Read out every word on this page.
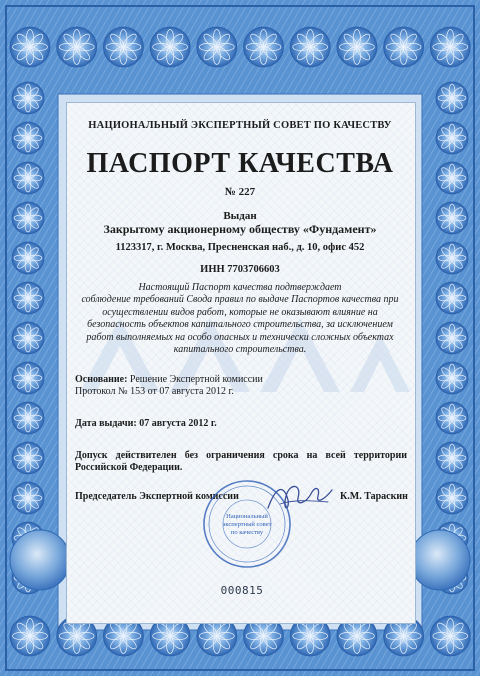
НАЦИОНАЛЬНЫЙ ЭКСПЕРТНЫЙ СОВЕТ ПО КАЧЕСТВУ
ПАСПОРТ КАЧЕСТВА
№ 227
Выдан
Закрытому акционерному обществу «Фундамент»
1123317, г. Москва, Пресненская наб., д. 10, офис 452
ИНН 7703706603
Настоящий Паспорт качества подтверждает
соблюдение требований Свода правил по выдаче Паспортов качества при
осуществлении видов работ, которые не оказывают влияние на
безопасность объектов капитального строительства, за исключением
работ выполняемых на особо опасных и технически сложных объектах
капитального строительства.
Основание: Решение Экспертной комиссии
Протокол № 153 от 07 августа 2012 г.
Дата выдачи: 07 августа 2012 г.
Допуск действителен без ограничения срока на всей территории Российской Федерации.
Председатель Экспертной комиссии	К.М. Тараскин
Национальный
экспертный совет
по качеству
000815
